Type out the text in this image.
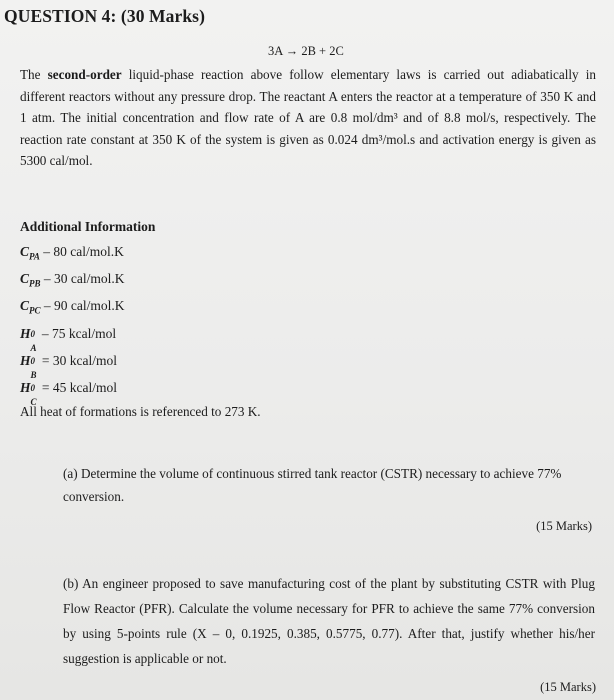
QUESTION 4: (30 Marks)
3A → 2B + 2C
The second-order liquid-phase reaction above follow elementary laws is carried out adiabatically in different reactors without any pressure drop. The reactant A enters the reactor at a temperature of 350 K and 1 atm. The initial concentration and flow rate of A are 0.8 mol/dm³ and of 8.8 mol/s, respectively. The reaction rate constant at 350 K of the system is given as 0.024 dm³/mol.s and activation energy is given as 5300 cal/mol.
Additional Information
$C_{PA} - 80$ cal/mol.K
$C_{PB} - 30$ cal/mol.K
$C_{PC} - 90$ cal/mol.K
H 0
A
– 75 kcal/mol
H 0
B
= 30 kcal/mol
H 0
C
= 45 kcal/mol
All heat of formations is referenced to 273 K.
(a) Determine the volume of continuous stirred tank reactor (CSTR) necessary to achieve 77% conversion.
(15 Marks)
(b) An engineer proposed to save manufacturing cost of the plant by substituting CSTR with Plug Flow Reactor (PFR). Calculate the volume necessary for PFR to achieve the same 77% conversion by using 5-points rule (X – 0, 0.1925, 0.385, 0.5775, 0.77). After that, justify whether his/her suggestion is applicable or not.
(15 Marks)
